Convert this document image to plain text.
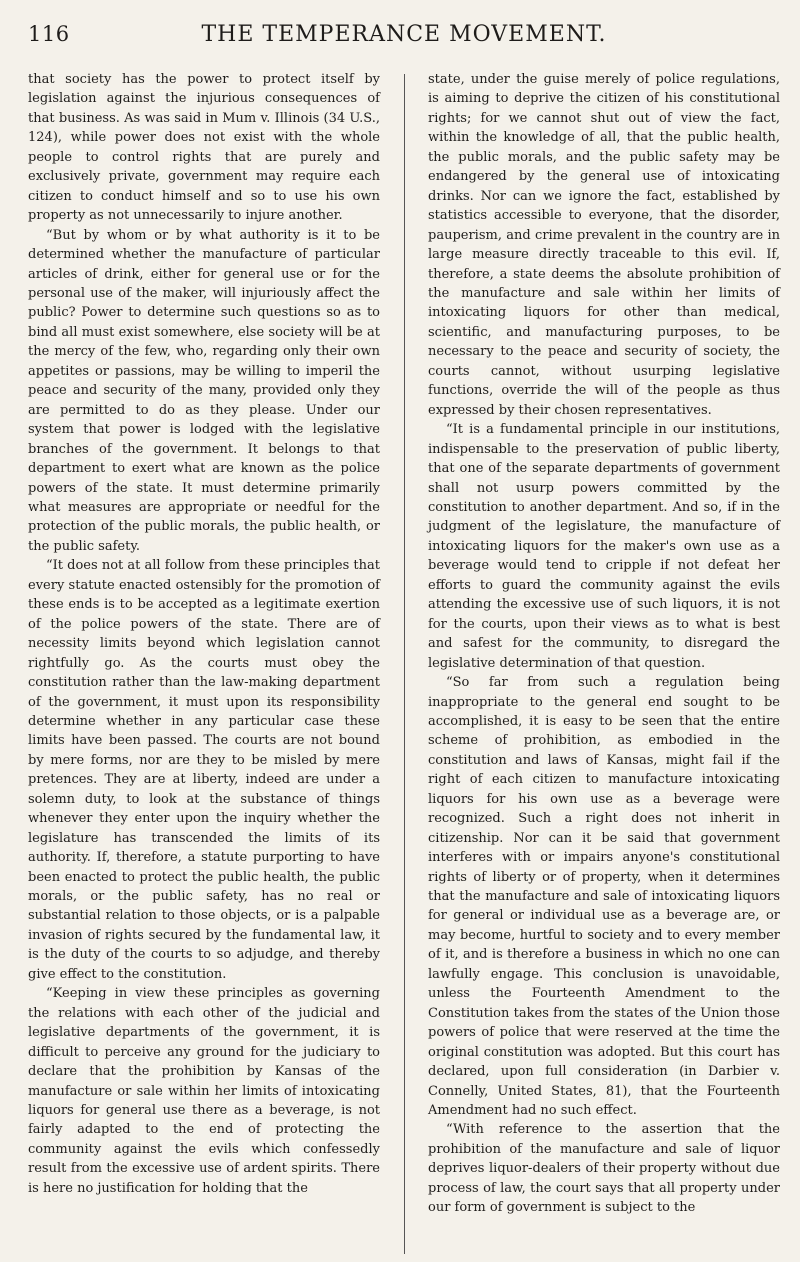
116	THE TEMPERANCE MOVEMENT.

that society has the power to protect itself by legislation against the injurious consequences of that business. As was said in Mum v. Illinois (34 U.S., 124), while power does not exist with the whole people to control rights that are purely and exclusively private, government may require each citizen to conduct himself and so to use his own property as not unnecessarily to injure another.

“But by whom or by what authority is it to be determined whether the manufacture of particular articles of drink, either for general use or for the personal use of the maker, will injuriously affect the public? Power to determine such questions so as to bind all must exist somewhere, else society will be at the mercy of the few, who, regarding only their own appetites or passions, may be willing to imperil the peace and security of the many, provided only they are permitted to do as they please. Under our system that power is lodged with the legislative branches of the government. It belongs to that department to exert what are known as the police powers of the state. It must determine primarily what measures are appropriate or needful for the protection of the public morals, the public health, or the public safety.

“It does not at all follow from these principles that every statute enacted ostensibly for the promotion of these ends is to be accepted as a legitimate exertion of the police powers of the state. There are of necessity limits beyond which legislation cannot rightfully go. As the courts must obey the constitution rather than the law-making department of the government, it must upon its responsibility determine whether in any particular case these limits have been passed. The courts are not bound by mere forms, nor are they to be misled by mere pretences. They are at liberty, indeed are under a solemn duty, to look at the substance of things whenever they enter upon the inquiry whether the legislature has transcended the limits of its authority. If, therefore, a statute purporting to have been enacted to protect the public health, the public morals, or the public safety, has no real or substantial relation to those objects, or is a palpable invasion of rights secured by the fundamental law, it is the duty of the courts to so adjudge, and thereby give effect to the constitution.

“Keeping in view these principles as governing the relations with each other of the judicial and legislative departments of the government, it is difficult to perceive any ground for the judiciary to declare that the prohibition by Kansas of the manufacture or sale within her limits of intoxicating liquors for general use there as a beverage, is not fairly adapted to the end of protecting the community against the evils which confessedly result from the excessive use of ardent spirits. There is here no justification for holding that the

state, under the guise merely of police regulations, is aiming to deprive the citizen of his constitutional rights; for we cannot shut out of view the fact, within the knowledge of all, that the public health, the public morals, and the public safety may be endangered by the general use of intoxicating drinks. Nor can we ignore the fact, established by statistics accessible to everyone, that the disorder, pauperism, and crime prevalent in the country are in large measure directly traceable to this evil. If, therefore, a state deems the absolute prohibition of the manufacture and sale within her limits of intoxicating liquors for other than medical, scientific, and manufacturing purposes, to be necessary to the peace and security of society, the courts cannot, without usurping legislative functions, override the will of the people as thus expressed by their chosen representatives.

“It is a fundamental principle in our institutions, indispensable to the preservation of public liberty, that one of the separate departments of government shall not usurp powers committed by the constitution to another department. And so, if in the judgment of the legislature, the manufacture of intoxicating liquors for the maker's own use as a beverage would tend to cripple if not defeat her efforts to guard the community against the evils attending the excessive use of such liquors, it is not for the courts, upon their views as to what is best and safest for the community, to disregard the legislative determination of that question.

“So far from such a regulation being inappropriate to the general end sought to be accomplished, it is easy to be seen that the entire scheme of prohibition, as embodied in the constitution and laws of Kansas, might fail if the right of each citizen to manufacture intoxicating liquors for his own use as a beverage were recognized. Such a right does not inherit in citizenship. Nor can it be said that government interferes with or impairs anyone's constitutional rights of liberty or of property, when it determines that the manufacture and sale of intoxicating liquors for general or individual use as a beverage are, or may become, hurtful to society and to every member of it, and is therefore a business in which no one can lawfully engage. This conclusion is unavoidable, unless the Fourteenth Amendment to the Constitution takes from the states of the Union those powers of police that were reserved at the time the original constitution was adopted. But this court has declared, upon full consideration (in Darbier v. Connelly, United States, 81), that the Fourteenth Amendment had no such effect.

“With reference to the assertion that the prohibition of the manufacture and sale of liquor deprives liquor-dealers of their property without due process of law, the court says that all property under our form of government is subject to the
